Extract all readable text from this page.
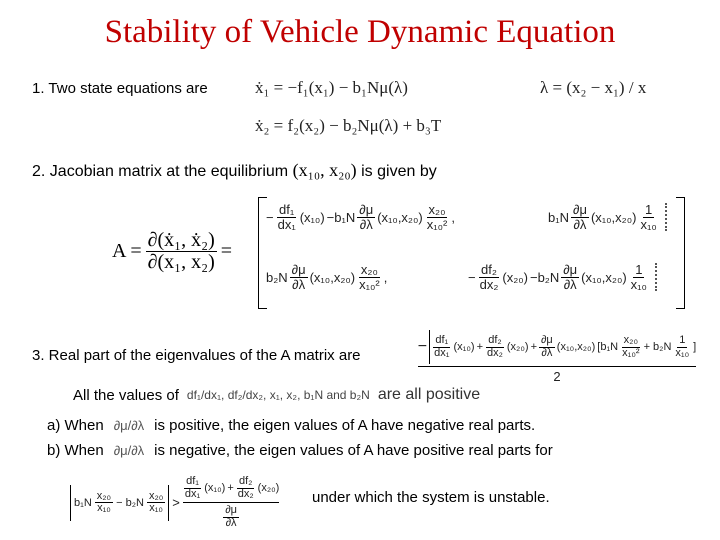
Stability of Vehicle Dynamic Equation
1. Two state equations are	ẋ₁ = −f₁(x₁) − b₁Nμ(λ)
ẋ₂ = f₂(x₂) − b₂Nμ(λ) + b₃T
λ = (x₂ − x₁) / x
2. Jacobian matrix at the equilibrium (x₁₀, x₂₀) is given by
$A = \frac{\text{∂(ẋ₁, ẋ₂)}}{\text{∂(x₁, x₂)}}$ =
− $\frac{\text{df₁}}{\text{dx₁}} (x_{10}) -b_1N \frac{\partial\mu}{\partial\lambda} (x_{10},x_{20}) \frac{\text{x₂₀}}{\text{x₁₀²}}$ ,	$b_1N \frac{\partial\mu}{\partial\lambda} (x_{10},x_{20}) \frac{1}{\text{x₁₀}}$
$b_2N \frac{\partial\mu}{\partial\lambda} (x_{10},x_{20}) \frac{\text{x₂₀}}{\text{x₁₀²}}$ ,	− $\frac{\text{df₂}}{\text{dx₂}} (x_{20}) -b_2N \frac{\partial\mu}{\partial\lambda} (x_{10},x_{20}) \frac{1}{\text{x₁₀}}$
3. Real part of the eigenvalues of the A matrix are
− $\frac{\text{df₁}}{\text{dx₁}} (x_{10}) + \frac{\text{df₂}}{\text{dx₂}} (x_{20}) + \frac{\partial\mu}{\partial\lambda} (x_{10},x_{20})$ [$b_1N \frac{\text{x₂₀}}{\text{x₁₀²}} + b_2N \frac{1}{\text{x₁₀}}$ ]
2
All the values of df₁/dx₁, df₂/dx₂, x₁, x₂, b₁N and b₂N are all positive
a) When ∂μ/∂λ is positive, the eigen values of A have negative real parts.
b) When ∂μ/∂λ is negative, the eigen values of A have positive real parts for
$b_1N \frac{\text{x₂₀}}{\text{x₁₀}} - b_2N \frac{\text{x₂₀}}{\text{x₁₀}}$ >
$\frac{\text{df₁}}{\text{dx₁}} (x_{10}) + \frac{\text{df₂}}{\text{dx₂}} (x_{20})$
$\frac{\partial\mu}{\partial\lambda}$
under which the system is unstable.
